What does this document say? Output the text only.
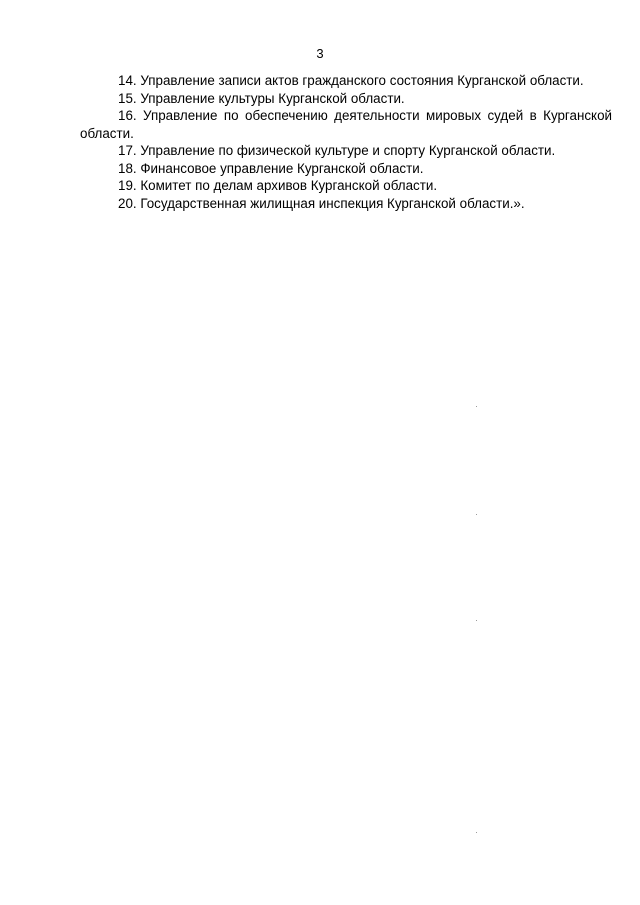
3
14. Управление записи актов гражданского состояния Курганской области.
15. Управление культуры Курганской области.
16. Управление по обеспечению деятельности мировых судей в Курганской области.
17. Управление по физической культуре и спорту Курганской области.
18. Финансовое управление Курганской области.
19. Комитет по делам архивов Курганской области.
20. Государственная жилищная инспекция Курганской области.».
